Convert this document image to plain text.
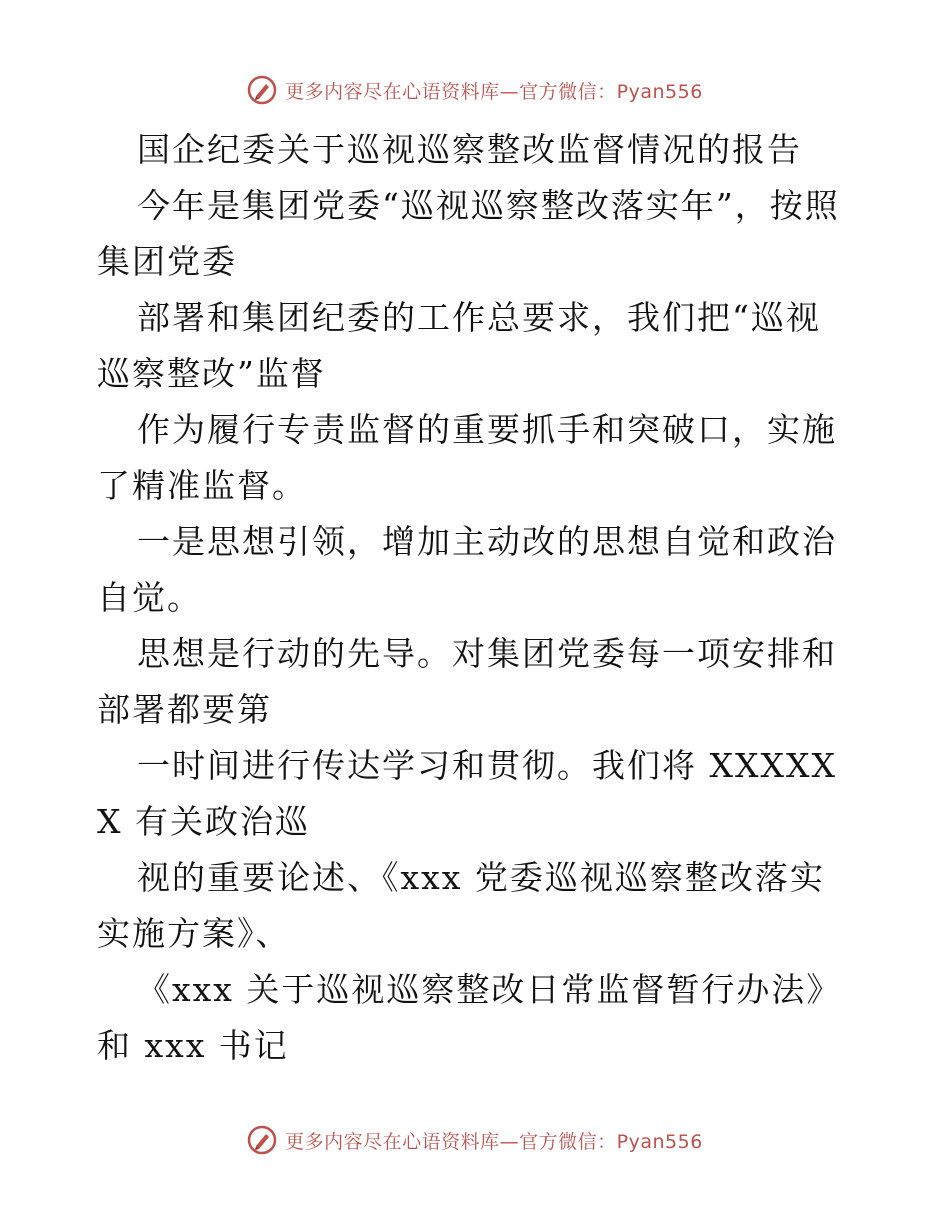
更多内容尽在心语资料库—官方微信：Pyan556

国企纪委关于巡视巡察整改监督情况的报告

今年是集团党委“巡视巡察整改落实年”，按照集团党委

部署和集团纪委的工作总要求，我们把“巡视巡察整改”监督

作为履行专责监督的重要抓手和突破口，实施了精准监督。

一是思想引领，增加主动改的思想自觉和政治自觉。

思想是行动的先导。对集团党委每一项安排和部署都要第

一时间进行传达学习和贯彻。我们将 XXXXXX 有关政治巡

视的重要论述、《xxx 党委巡视巡察整改落实实施方案》、

《xxx 关于巡视巡察整改日常监督暂行办法》和 xxx 书记

更多内容尽在心语资料库—官方微信：Pyan556
